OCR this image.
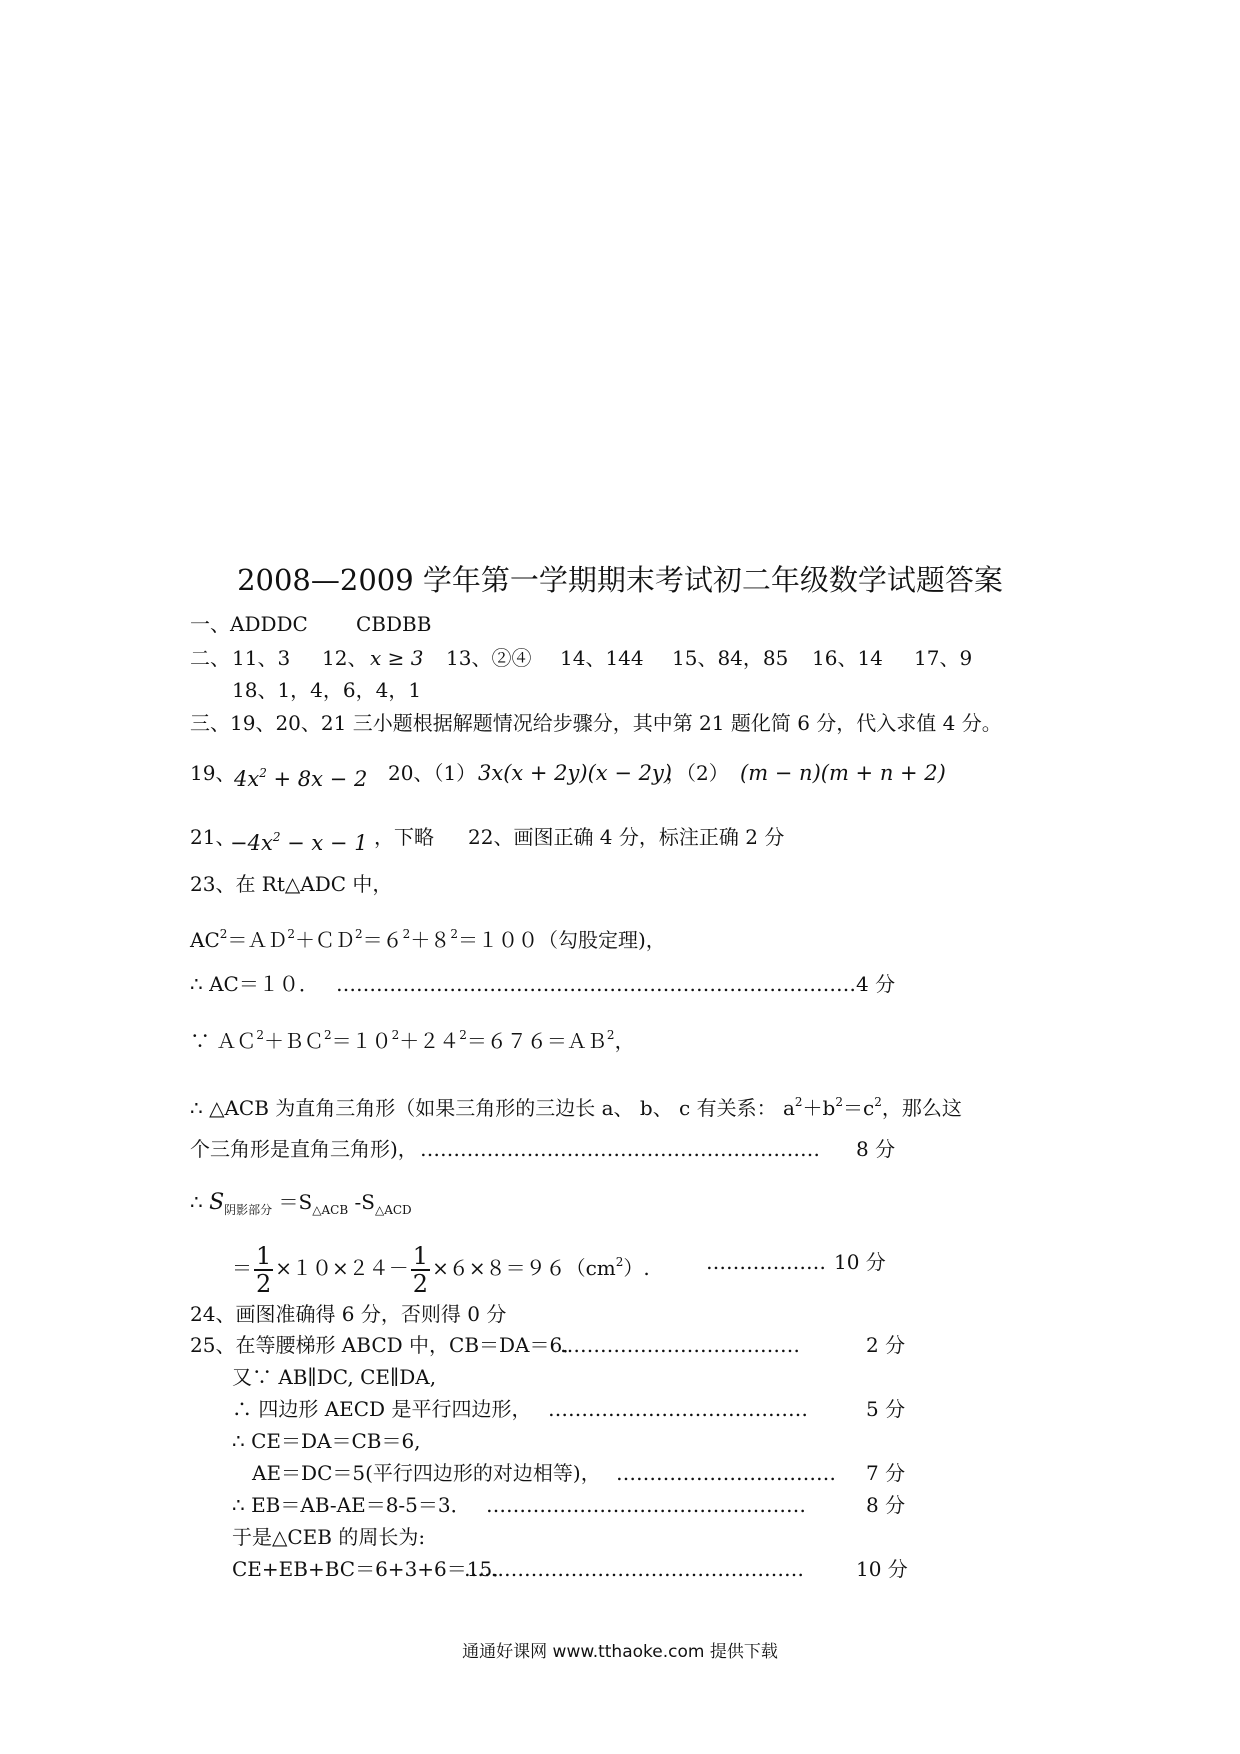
2008—2009 学年第一学期期末考试初二年级数学试题答案
一、ADDDC CBDBB
二、 11、3 12、 x ≥ 3 13、②④ 14、144 15、84，85 16、14 17、9
18、1，4，6，4，1
三、19、20、21 三小题根据解题情况给步骤分，其中第 21 题化简 6 分，代入求值 4 分。
19、
$4x^2 + 8x - 2$ 20、（1） 3x(x + 2y)(x − 2y)
，（2） (m − n)(m + n + 2)
21、
$-4x^2 - x - 1$ ，下略 22、画图正确 4 分，标注正确 2 分
23、在 Rt△ADC 中，
$AC^2=AD^2+CD^2=6^2+8^2=100$（勾股定理)，
∴ AC＝１０． …………………………………………………………………… 4 分
∵ $AC^2+BC^2=10^2+24^2=676=AB^2$，
∴ △ACB 为直角三角形（如果三角形的三边长 a、 b、 c 有关系： $a^2+b^2=c^2$，那么这
个三角形是直角三角形)， …………………………………………………… 8 分
∴ $S_{阴影部分} =S_{\triangle ACB}$ $-S_{\triangle ACD}$
＝ $\frac{1}{2} \times 10\times 24- \frac{1}{2} \times 6\times 8=96(cm^2)$.	……………… 10 分
24、画图准确得 6 分，否则得 0 分
25、在等腰梯形 ABCD 中，CB＝DA＝6．
………………………………	2 分
又∵ AB∥DC, CE∥DA,
∴ 四边形 AECD 是平行四边形， …………………………………	5 分
∴ CE＝DA＝CB＝6,
AE＝DC＝5(平行四边形的对边相等)， …………………………… 7 分
∴ EB＝AB-AE＝8-5＝3． …………………………………………	8 分
于是△CEB 的周长为:
CE+EB+BC＝6+3+6＝15．
……………………………………………	10 分
通通好课网 www.tthaoke.com 提供下载
